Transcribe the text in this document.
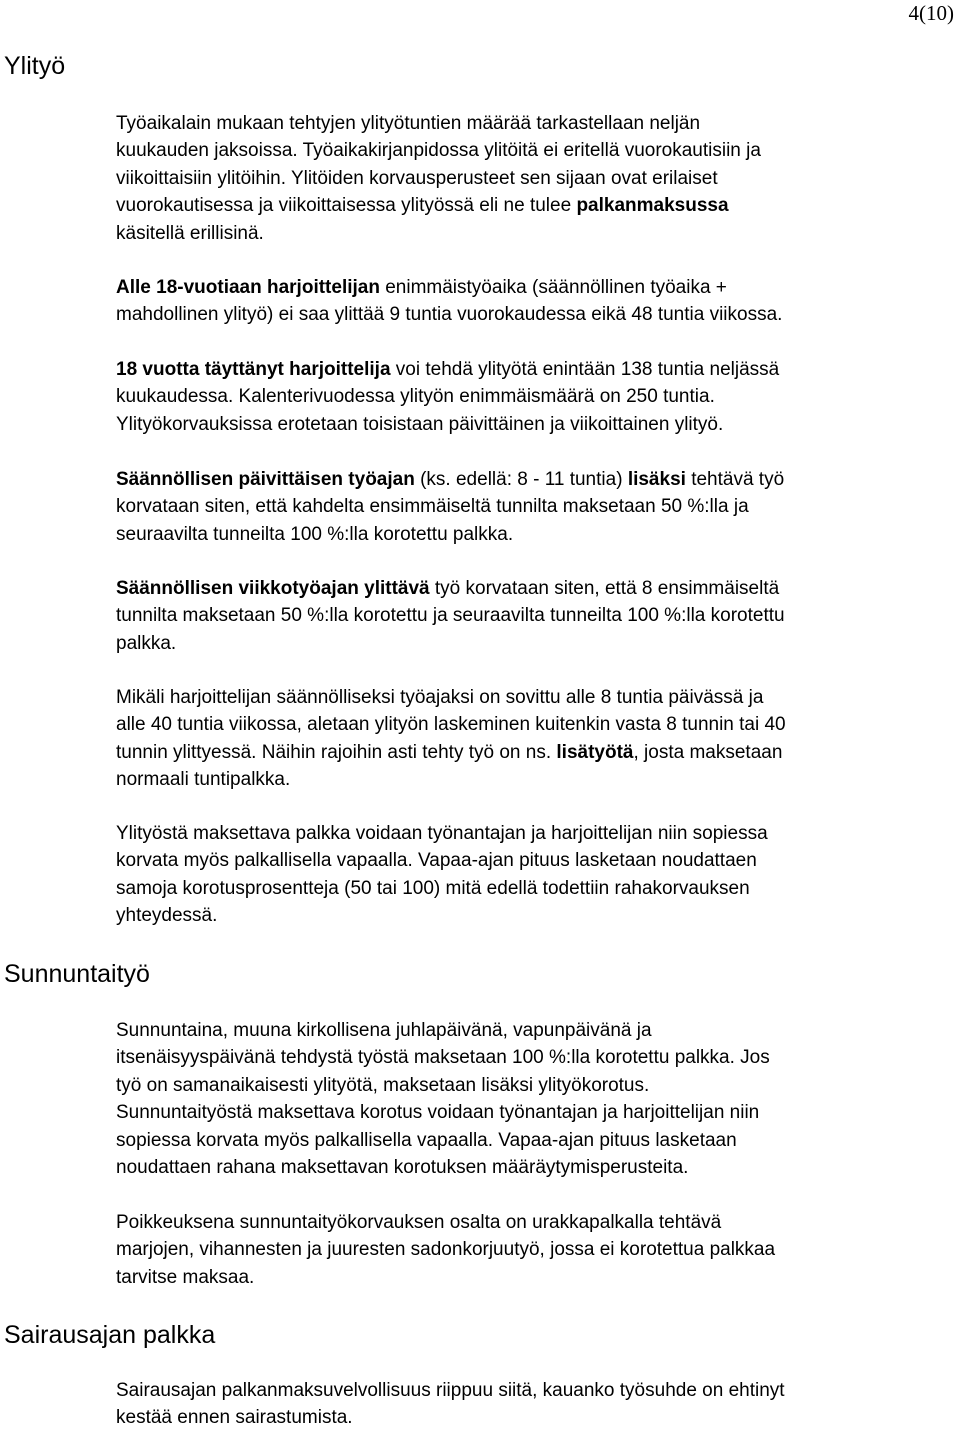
4(10)
Ylityö
Työaikalain mukaan tehtyjen ylityötuntien määrää tarkastellaan neljän
kuukauden jaksoissa. Työaikakirjanpidossa ylitöitä ei eritellä vuorokautisiin ja
viikoittaisiin ylitöihin. Ylitöiden korvausperusteet sen sijaan ovat erilaiset
vuorokautisessa ja viikoittaisessa ylityössä eli ne tulee palkanmaksussa
käsitellä erillisinä.
Alle 18-vuotiaan harjoittelijan enimmäistyöaika (säännöllinen työaika +
mahdollinen ylityö) ei saa ylittää 9 tuntia vuorokaudessa eikä 48 tuntia viikossa.
18 vuotta täyttänyt harjoittelija voi tehdä ylityötä enintään 138 tuntia neljässä
kuukaudessa. Kalenterivuodessa ylityön enimmäismäärä on 250 tuntia.
Ylityökorvauksissa erotetaan toisistaan päivittäinen ja viikoittainen ylityö.
Säännöllisen päivittäisen työajan (ks. edellä: 8 - 11 tuntia) lisäksi tehtävä työ
korvataan siten, että kahdelta ensimmäiseltä tunnilta maksetaan 50 %:lla ja
seuraavilta tunneilta 100 %:lla korotettu palkka.
Säännöllisen viikkotyöajan ylittävä työ korvataan siten, että 8 ensimmäiseltä
tunnilta maksetaan 50 %:lla korotettu ja seuraavilta tunneilta 100 %:lla korotettu
palkka.
Mikäli harjoittelijan säännölliseksi työajaksi on sovittu alle 8 tuntia päivässä ja
alle 40 tuntia viikossa, aletaan ylityön laskeminen kuitenkin vasta 8 tunnin tai 40
tunnin ylittyessä. Näihin rajoihin asti tehty työ on ns. lisätyötä, josta maksetaan
normaali tuntipalkka.
Ylityöstä maksettava palkka voidaan työnantajan ja harjoittelijan niin sopiessa
korvata myös palkallisella vapaalla. Vapaa-ajan pituus lasketaan noudattaen
samoja korotusprosentteja (50 tai 100) mitä edellä todettiin rahakorvauksen
yhteydessä.
Sunnuntaityö
Sunnuntaina, muuna kirkollisena juhlapäivänä, vapunpäivänä ja
itsenäisyyspäivänä tehdystä työstä maksetaan 100 %:lla korotettu palkka. Jos
työ on samanaikaisesti ylityötä, maksetaan lisäksi ylityökorotus.
Sunnuntaityöstä maksettava korotus voidaan työnantajan ja harjoittelijan niin
sopiessa korvata myös palkallisella vapaalla. Vapaa-ajan pituus lasketaan
noudattaen rahana maksettavan korotuksen määräytymisperusteita.
Poikkeuksena sunnuntaityökorvauksen osalta on urakkapalkalla tehtävä
marjojen, vihannesten ja juuresten sadonkorjuutyö, jossa ei korotettua palkkaa
tarvitse maksaa.
Sairausajan palkka
Sairausajan palkanmaksuvelvollisuus riippuu siitä, kauanko työsuhde on ehtinyt
kestää ennen sairastumista.
